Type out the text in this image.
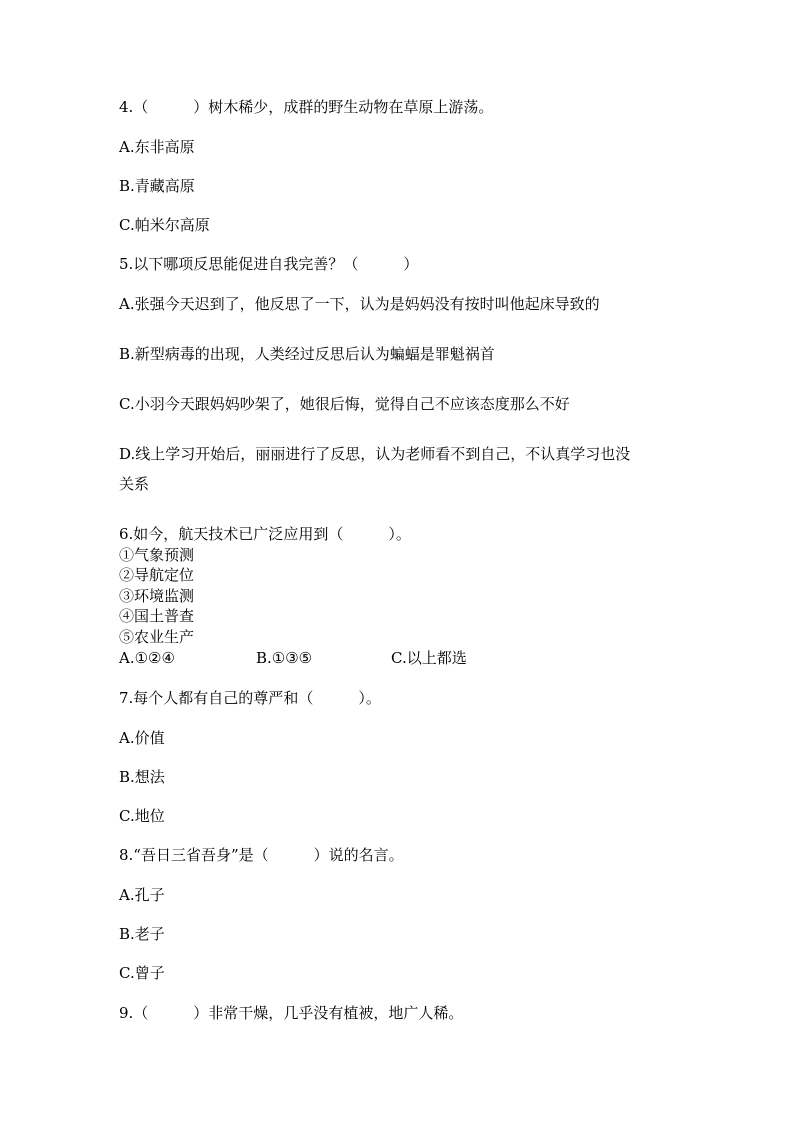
4.（　　　）树木稀少，成群的野生动物在草原上游荡。
A.东非高原
B.青藏高原
C.帕米尔高原
5.以下哪项反思能促进自我完善？（　　　）
A.张强今天迟到了，他反思了一下，认为是妈妈没有按时叫他起床导致的
B.新型病毒的出现，人类经过反思后认为蝙蝠是罪魁祸首
C.小羽今天跟妈妈吵架了，她很后悔，觉得自己不应该态度那么不好
D.线上学习开始后，丽丽进行了反思，认为老师看不到自己，不认真学习也没
关系
6.如今，航天技术已广泛应用到（　　　）。
①气象预测
②导航定位
③环境监测
④国土普查
⑤农业生产
A.①②④	B.①③⑤	C.以上都选
7.每个人都有自己的尊严和（　　　）。
A.价值
B.想法
C.地位
8.“吾日三省吾身”是（　　　）说的名言。
A.孔子
B.老子
C.曾子
9.（　　　）非常干燥，几乎没有植被，地广人稀。
